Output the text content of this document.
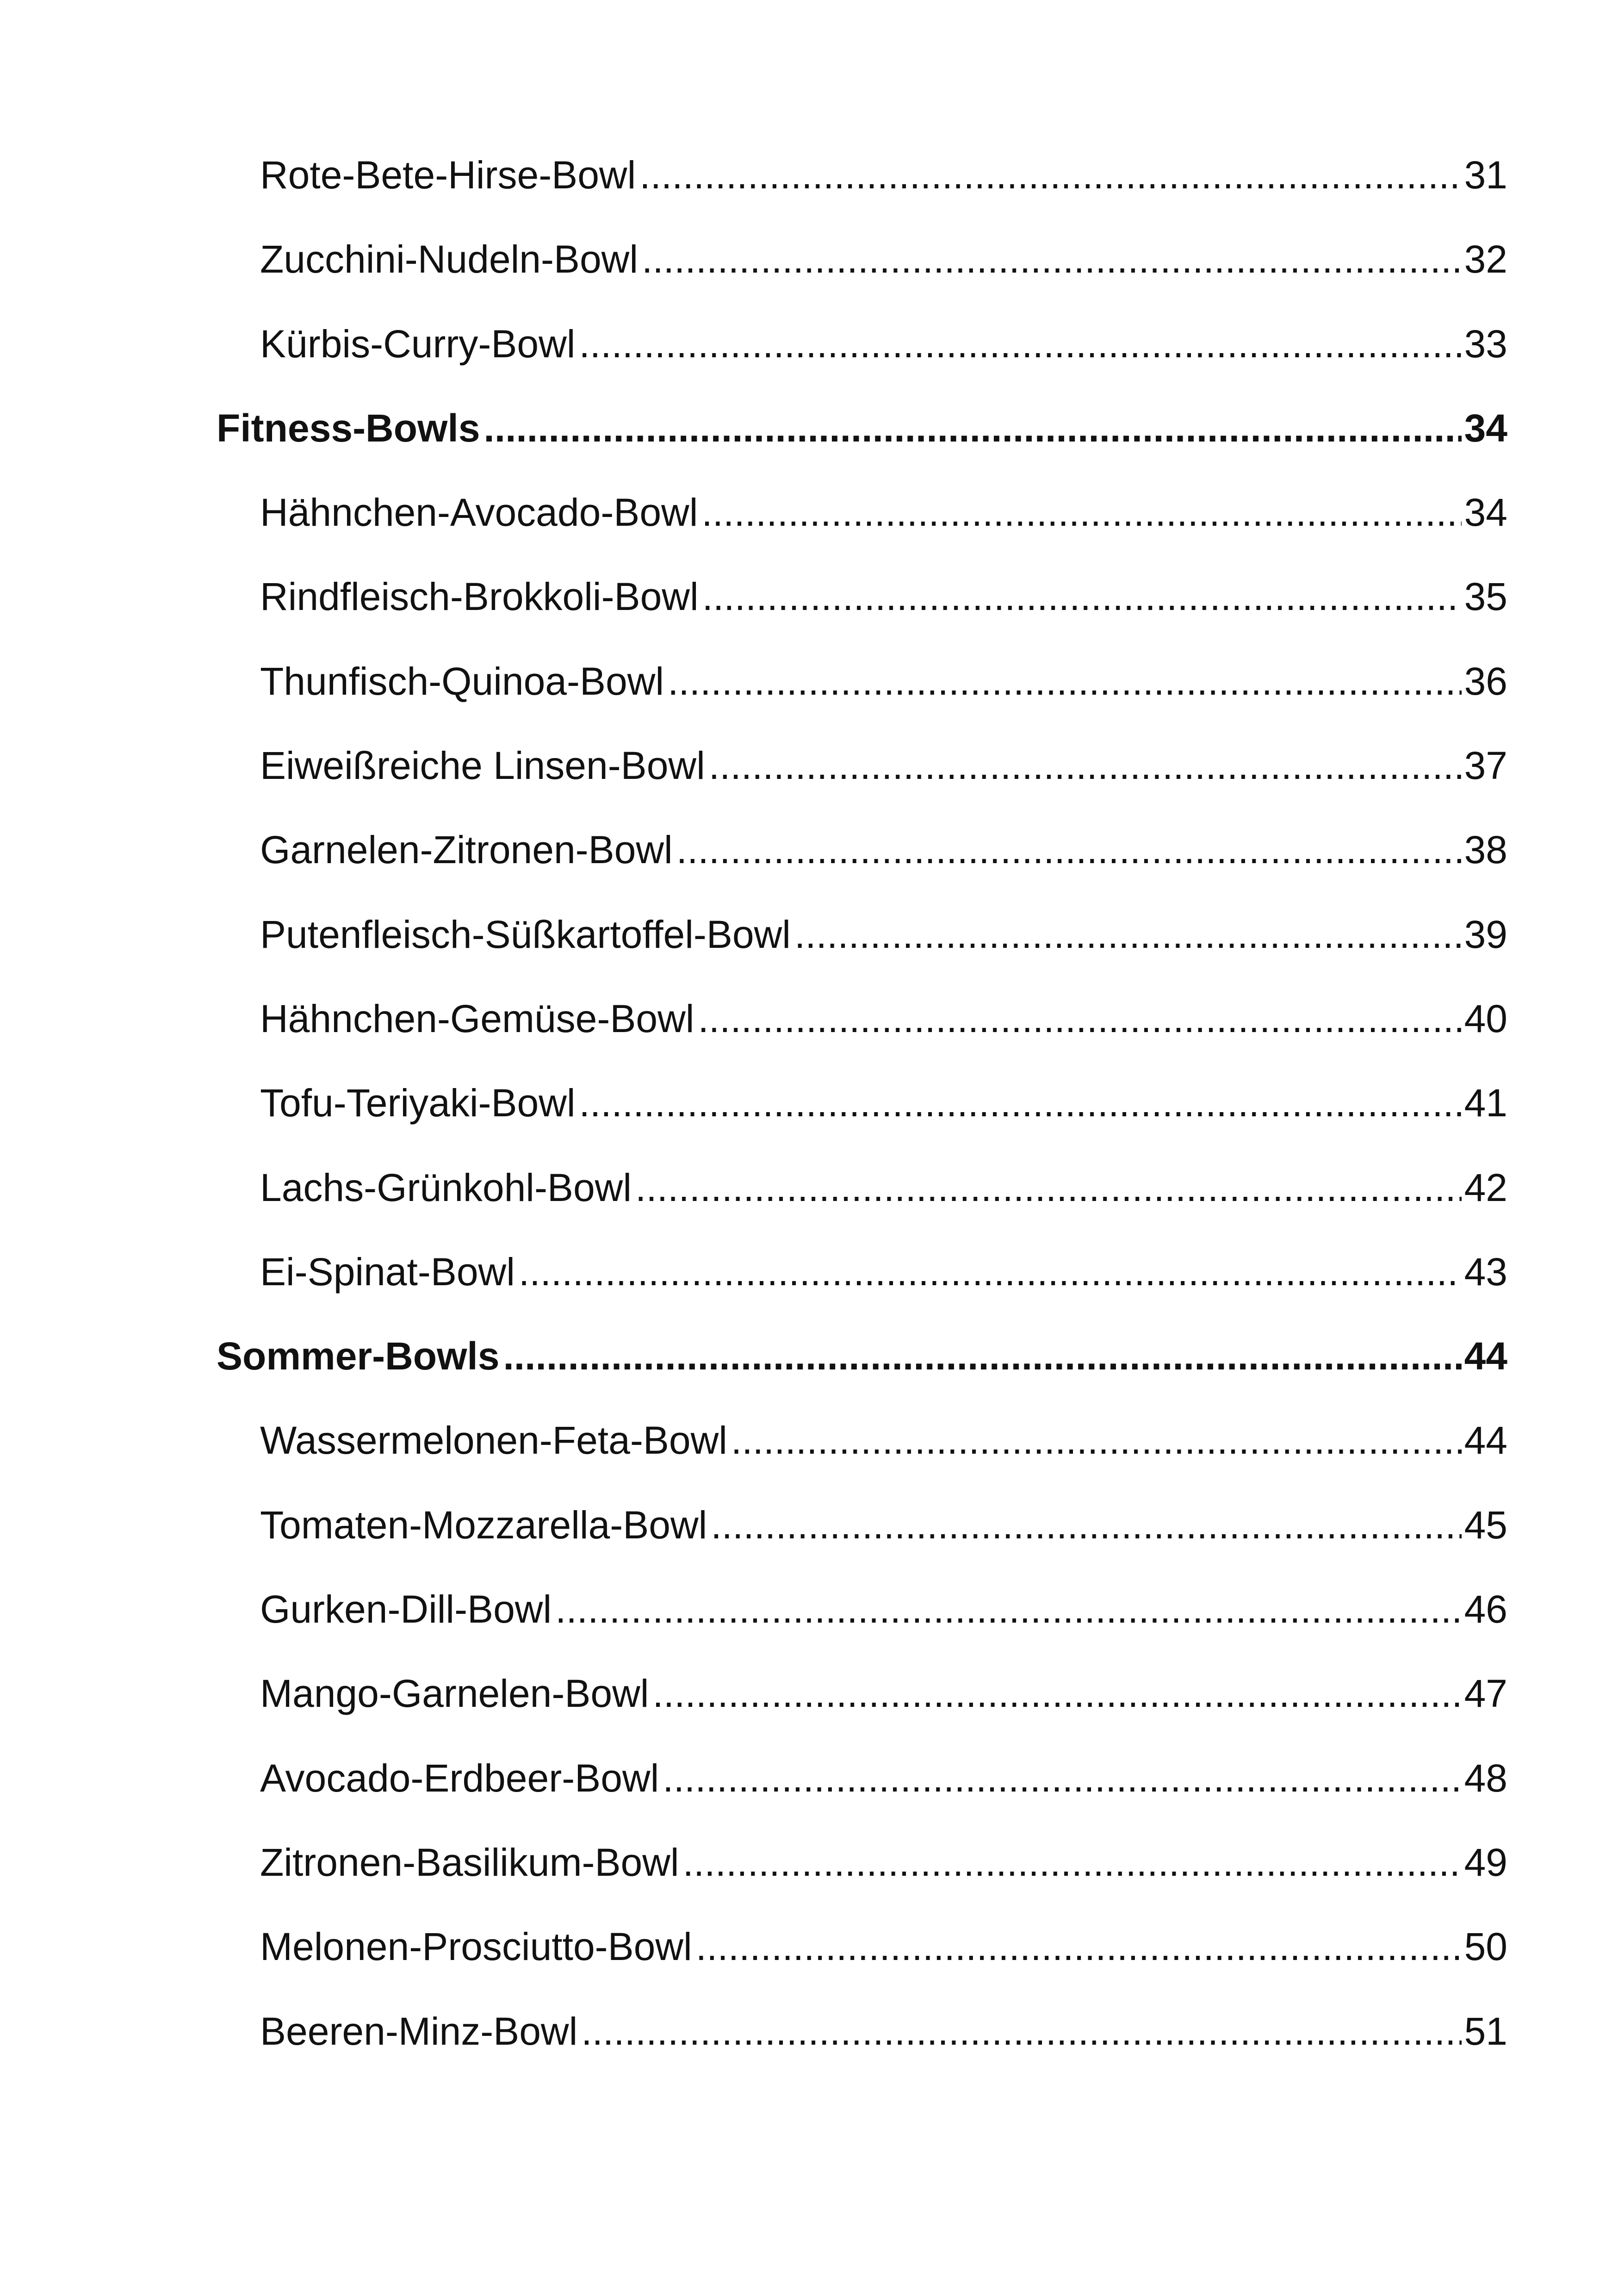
Rote-Bete-Hirse-Bowl .....	31
Zucchini-Nudeln-Bowl .....	32
Kürbis-Curry-Bowl .....	33
Fitness-Bowls .....	34
Hähnchen-Avocado-Bowl .....	34
Rindfleisch-Brokkoli-Bowl .....	35
Thunfisch-Quinoa-Bowl .....	36
Eiweißreiche Linsen-Bowl .....	37
Garnelen-Zitronen-Bowl .....	38
Putenfleisch-Süßkartoffel-Bowl .....	39
Hähnchen-Gemüse-Bowl .....	40
Tofu-Teriyaki-Bowl .....	41
Lachs-Grünkohl-Bowl .....	42
Ei-Spinat-Bowl .....	43
Sommer-Bowls .....	44
Wassermelonen-Feta-Bowl .....	44
Tomaten-Mozzarella-Bowl .....	45
Gurken-Dill-Bowl .....	46
Mango-Garnelen-Bowl .....	47
Avocado-Erdbeer-Bowl .....	48
Zitronen-Basilikum-Bowl .....	49
Melonen-Prosciutto-Bowl .....	50
Beeren-Minz-Bowl .....	51
